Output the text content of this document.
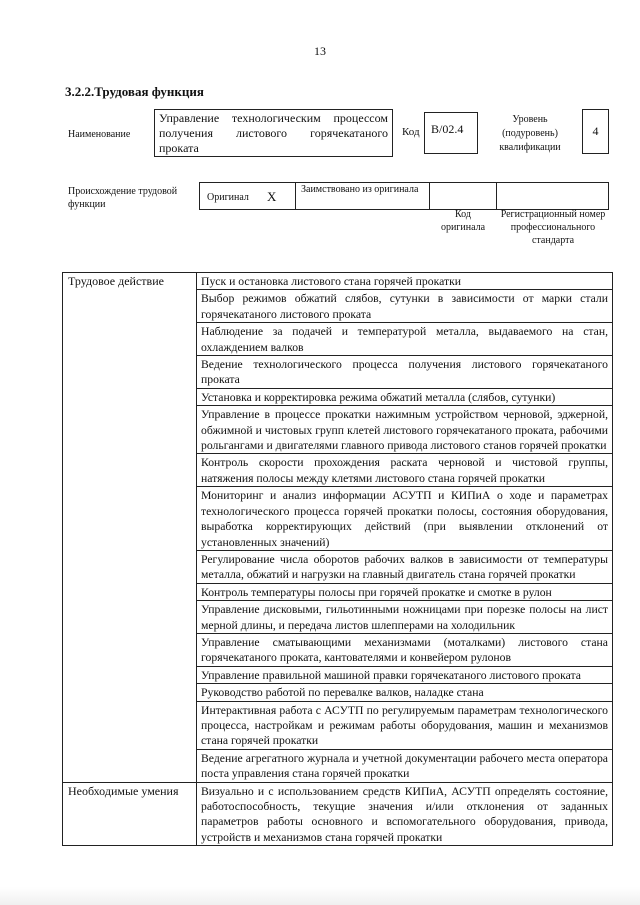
13
3.2.2.Трудовая функция
Наименование
Управление технологическим процессом получения листового горячекатаного проката
Код B/02.4
Уровень (подуровень) квалификации
4
Происхождение трудовой функции
Оригинал X Заимствовано из оригинала
Код оригинала
Регистрационный номер профессионального стандарта
Трудовое действие	Пуск и остановка листового стана горячей прокатки
	Выбор режимов обжатий слябов, сутунки в зависимости от марки стали горячекатаного листового проката
	Наблюдение за подачей и температурой металла, выдаваемого на стан, охлаждением валков
	Ведение технологического процесса получения листового горячекатаного проката
	Установка и корректировка режима обжатий металла (слябов, сутунки)
	Управление в процессе прокатки нажимным устройством черновой, эджерной, обжимной и чистовых групп клетей листового горячекатаного проката, рабочими рольгангами и двигателями главного привода листового станов горячей прокатки
	Контроль скорости прохождения раската черновой и чистовой группы, натяжения полосы между клетями листового стана горячей прокатки
	Мониторинг и анализ информации АСУТП и КИПиА о ходе и параметрах технологического процесса горячей прокатки полосы, состояния оборудования, выработка корректирующих действий (при выявлении отклонений от установленных значений)
	Регулирование числа оборотов рабочих валков в зависимости от температуры металла, обжатий и нагрузки на главный двигатель стана горячей прокатки
	Контроль температуры полосы при горячей прокатке и смотке в рулон
	Управление дисковыми, гильотинными ножницами при порезке полосы на лист мерной длины, и передача листов шлепперами на холодильник
	Управление сматывающими механизмами (моталками) листового стана горячекатаного проката, кантователями и конвейером рулонов
	Управление правильной машиной правки горячекатаного листового проката
	Руководство работой по перевалке валков, наладке стана
	Интерактивная работа с АСУТП по регулируемым параметрам технологического процесса, настройкам и режимам работы оборудования, машин и механизмов стана горячей прокатки
	Ведение агрегатного журнала и учетной документации рабочего места оператора поста управления стана горячей прокатки
Необходимые умения	Визуально и с использованием средств КИПиА, АСУТП определять состояние, работоспособность, текущие значения и/или отклонения от заданных параметров работы основного и вспомогательного оборудования, привода, устройств и механизмов стана горячей прокатки
